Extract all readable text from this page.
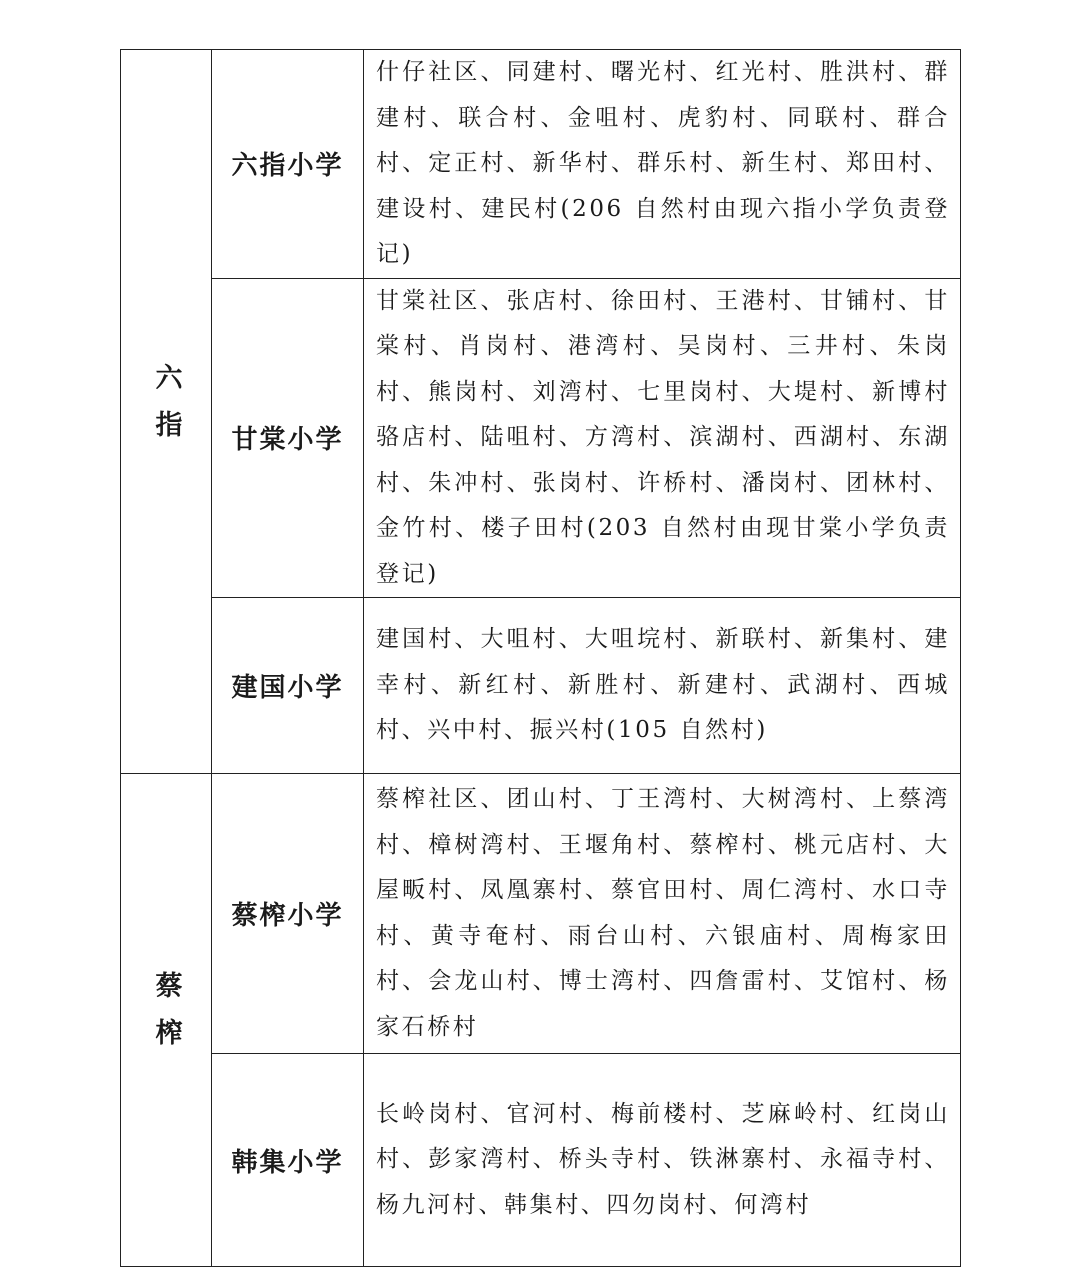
六指	六指小学	什仔社区、同建村、曙光村、红光村、胜洪村、群建村、联合村、金咀村、虎豹村、同联村、群合村、定正村、新华村、群乐村、新生村、郑田村、建设村、建民村(206 自然村由现六指小学负责登记)

	甘棠小学	甘棠社区、张店村、徐田村、王港村、甘铺村、甘棠村、肖岗村、港湾村、吴岗村、三井村、朱岗村、熊岗村、刘湾村、七里岗村、大堤村、新博村骆店村、陆咀村、方湾村、滨湖村、西湖村、东湖村、朱冲村、张岗村、许桥村、潘岗村、团林村、金竹村、楼子田村(203 自然村由现甘棠小学负责登记)

	建国小学	建国村、大咀村、大咀垸村、新联村、新集村、建幸村、新红村、新胜村、新建村、武湖村、西城村、兴中村、振兴村(105 自然村)

蔡榨	蔡榨小学	蔡榨社区、团山村、丁王湾村、大树湾村、上蔡湾村、樟树湾村、王堰角村、蔡榨村、桃元店村、大屋畈村、凤凰寨村、蔡官田村、周仁湾村、水口寺村、黄寺奄村、雨台山村、六银庙村、周梅家田村、会龙山村、博士湾村、四詹雷村、艾馆村、杨家石桥村

	韩集小学	长岭岗村、官河村、梅前楼村、芝麻岭村、红岗山村、彭家湾村、桥头寺村、铁淋寨村、永福寺村、杨九河村、韩集村、四勿岗村、何湾村
